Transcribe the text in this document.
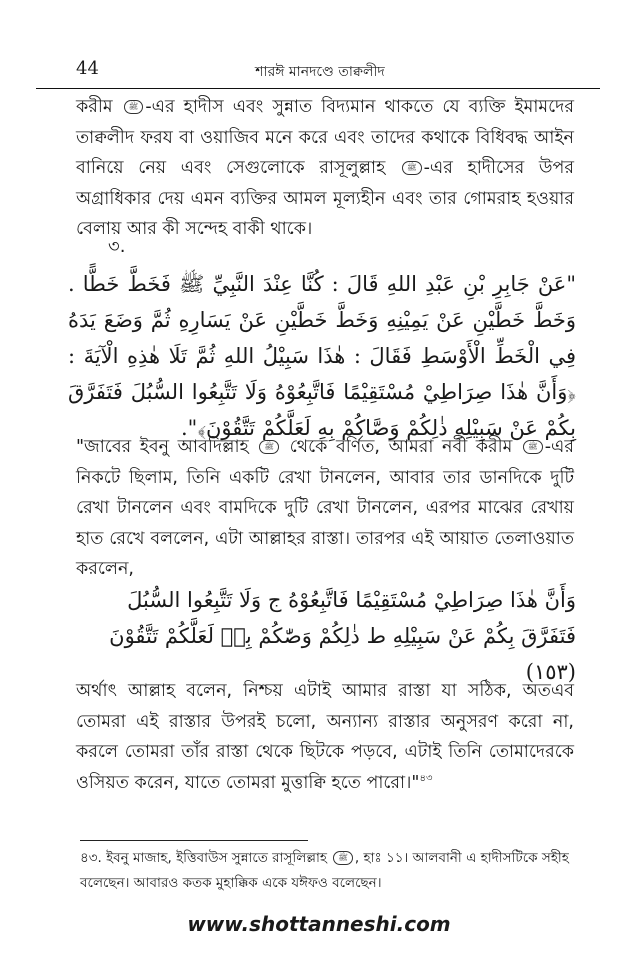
44	শারঈ মানদণ্ডে তাক্বলীদ
করীম ﷺ -এর হাদীস এবং সুন্নাত বিদ্যমান থাকতে যে ব্যক্তি ইমামদের তাক্বলীদ ফরয বা ওয়াজিব মনে করে এবং তাদের কথাকে বিধিবদ্ধ আইন বানিয়ে নেয় এবং সেগুলোকে রাসূলুল্লাহ	ﷺ -এর হাদীসের উপর অগ্রাধিকার দেয় এমন ব্যক্তির আমল মূল্যহীন এবং তার গোমরাহ হওয়ার বেলায় আর কী সন্দেহ বাকী থাকে।
৩.
"عَنْ جَابِرِ بْنِ عَبْدِ اللهِ قَالَ : كُنَّا عِنْدَ النَّبِيِّ ﷺ فَخَطَّ خَطًّا . وَخَطَّ خَطَّيْنِ عَنْ يَمِيْنِهِ وَخَطَّ خَطَّيْنِ عَنْ يَسَارِهِ ثُمَّ وَضَعَ يَدَهُ فِي الْخَطِّ الْأَوْسَطِ فَقَالَ : هٰذَا سَبِيْلُ اللهِ ثُمَّ تَلَا هٰذِهِ الْآيَةَ : ﴿وَأَنَّ هٰذَا صِرَاطِيْ مُسْتَقِيْمًا فَاتَّبِعُوْهُ وَلَا تَتَّبِعُوا السُّبُلَ فَتَفَرَّقَ بِكُمْ عَنْ سَبِيْلِهِ ذٰلِكُمْ وَصَّاكُمْ بِهِ لَعَلَّكُمْ تَتَّقُوْنَ﴾".
"জাবের ইবনু আবদিল্লাহ ﷺ থেকে বর্ণিত, আমরা নবী করীম ﷺ -এর নিকটে ছিলাম, তিনি একটি রেখা টানলেন, আবার তার ডানদিকে দুটি রেখা টানলেন এবং বামদিকে দুটি রেখা টানলেন, এরপর মাঝের রেখায় হাত রেখে বললেন, এটা আল্লাহর রাস্তা। তারপর এই আয়াত তেলাওয়াত করলেন,
وَأَنَّ هٰذَا صِرَاطِيْ مُسْتَقِيْمًا فَاتَّبِعُوْهُ ج وَلَا تَتَّبِعُوا السُّبُلَ فَتَفَرَّقَ بِكُمْ عَنْ سَبِيْلِهِ ط ذٰلِكُمْ وَصّٰكُمْ بِهٖ لَعَلَّكُمْ تَتَّقُوْنَ (١٥٣)
অর্থাৎ আল্লাহ বলেন, নিশ্চয় এটাই আমার রাস্তা যা সঠিক, অতএব তোমরা এই রাস্তার উপরই চলো, অন্যান্য রাস্তার অনুসরণ করো না, করলে তোমরা তাঁর রাস্তা থেকে ছিটকে পড়বে, এটাই তিনি তোমাদেরকে ওসিয়ত করেন, যাতে তোমরা মুত্তাক্বি হতে পারো।"$^{৪৩}$
৪৩. ইবনু মাজাহ, ইত্তিবাউস সুন্নাতে রাসূলিল্লাহ ﷺ , হাঃ ১১। আলবানী এ হাদীসটিকে সহীহ বলেছেন। আবারও কতক মুহাক্কিক একে যঈফও বলেছেন।
www.shottanneshi.com
